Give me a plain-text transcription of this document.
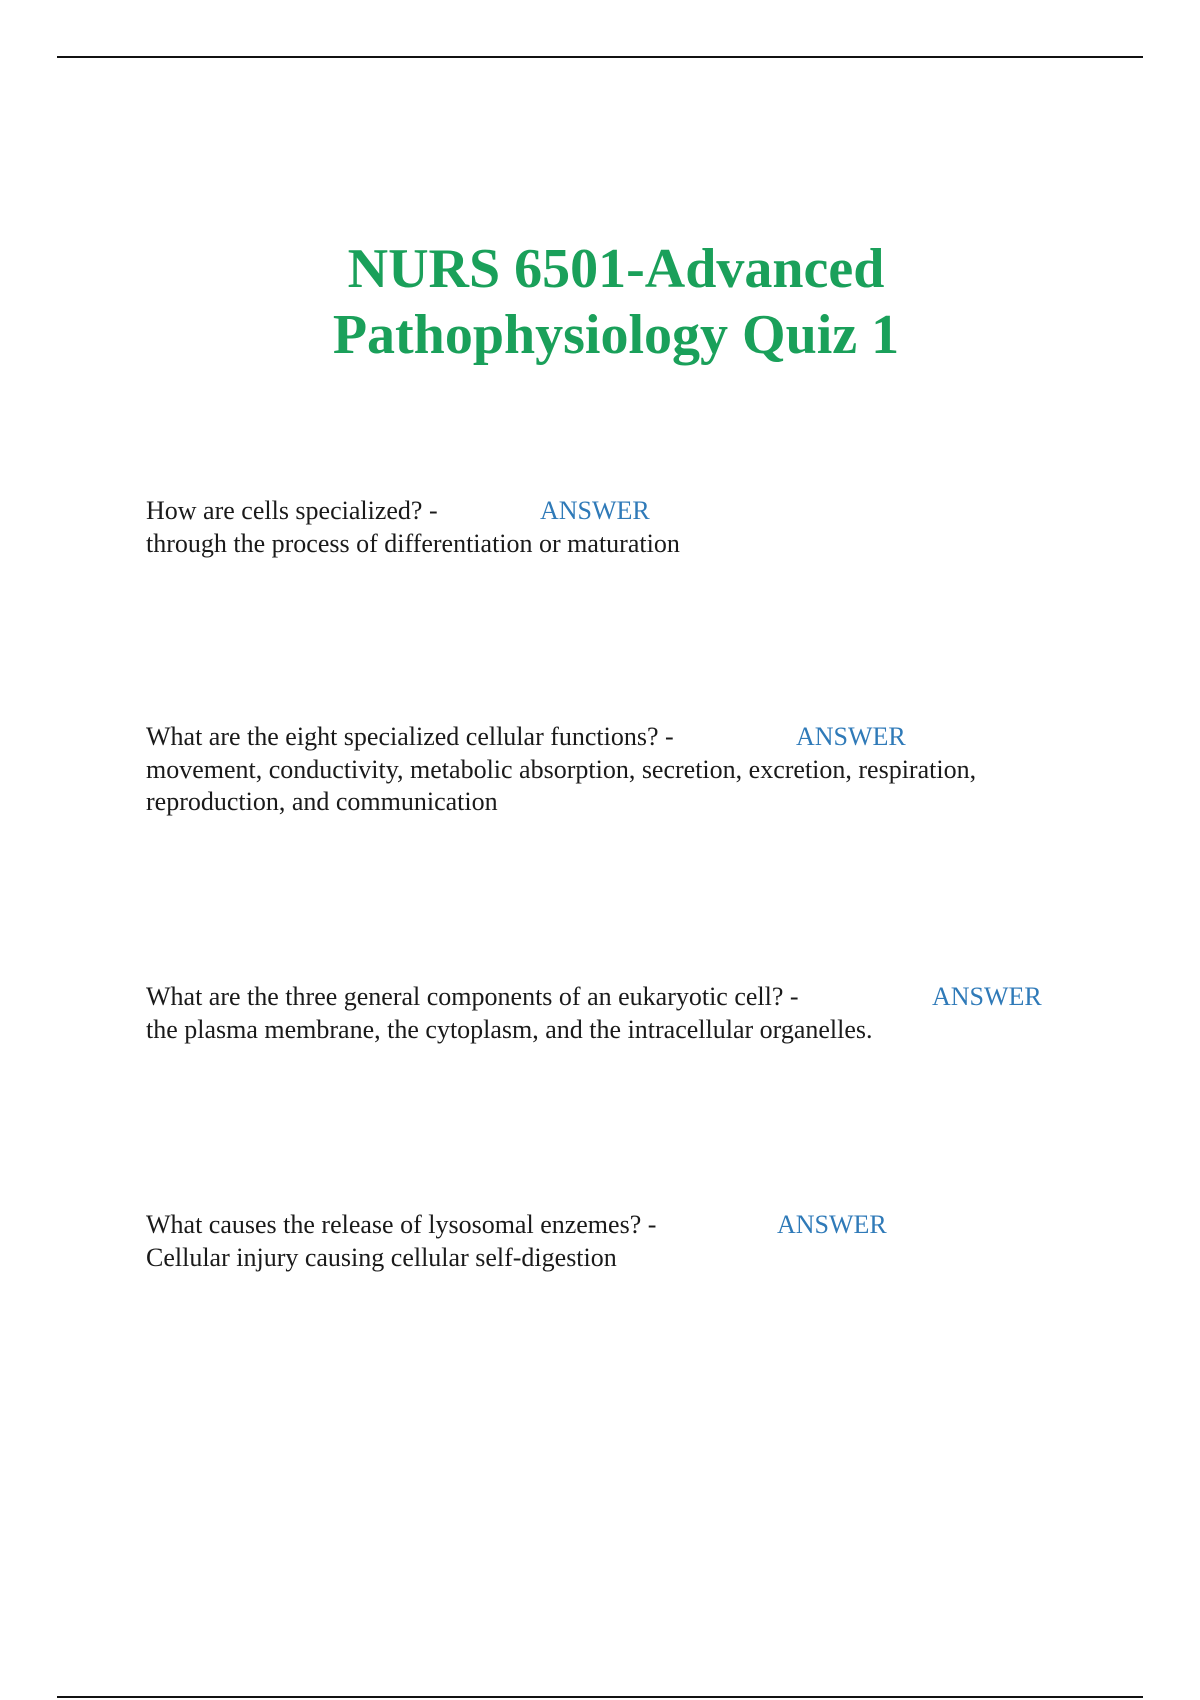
NURS 6501-Advanced
Pathophysiology Quiz 1
How are cells specialized? -	ANSWER

through the process of differentiation or maturation

What are the eight specialized cellular functions? -	ANSWER

movement, conductivity, metabolic absorption, secretion, excretion, respiration, reproduction, and communication

What are the three general components of an eukaryotic cell? -	ANSWER

the plasma membrane, the cytoplasm, and the intracellular organelles.

What causes the release of lysosomal enzemes? -	ANSWER

Cellular injury causing cellular self-digestion
